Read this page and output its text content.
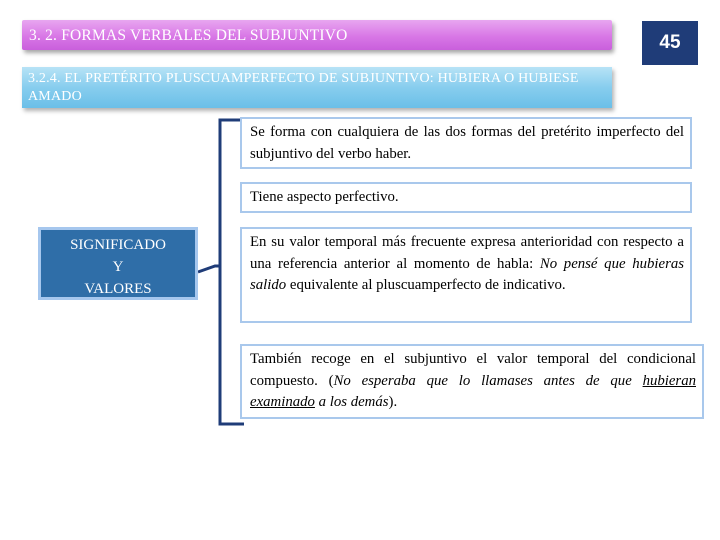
3. 2. FORMAS VERBALES DEL SUBJUNTIVO	45
3.2.4. EL PRETÉRITO PLUSCUAMPERFECTO DE SUBJUNTIVO: HUBIERA O HUBIESE AMADO
SIGNIFICADO
Y
VALORES

Se forma con cualquiera de las dos formas del pretérito imperfecto del subjuntivo del verbo haber.

Tiene aspecto perfectivo.

En su valor temporal más frecuente expresa anterioridad con respecto a una referencia anterior al momento de habla: No pensé que hubieras salido equivalente al pluscuamperfecto de indicativo.

También recoge en el subjuntivo el valor temporal del condicional compuesto. (No esperaba que lo llamases antes de que hubieran examinado a los demás).
